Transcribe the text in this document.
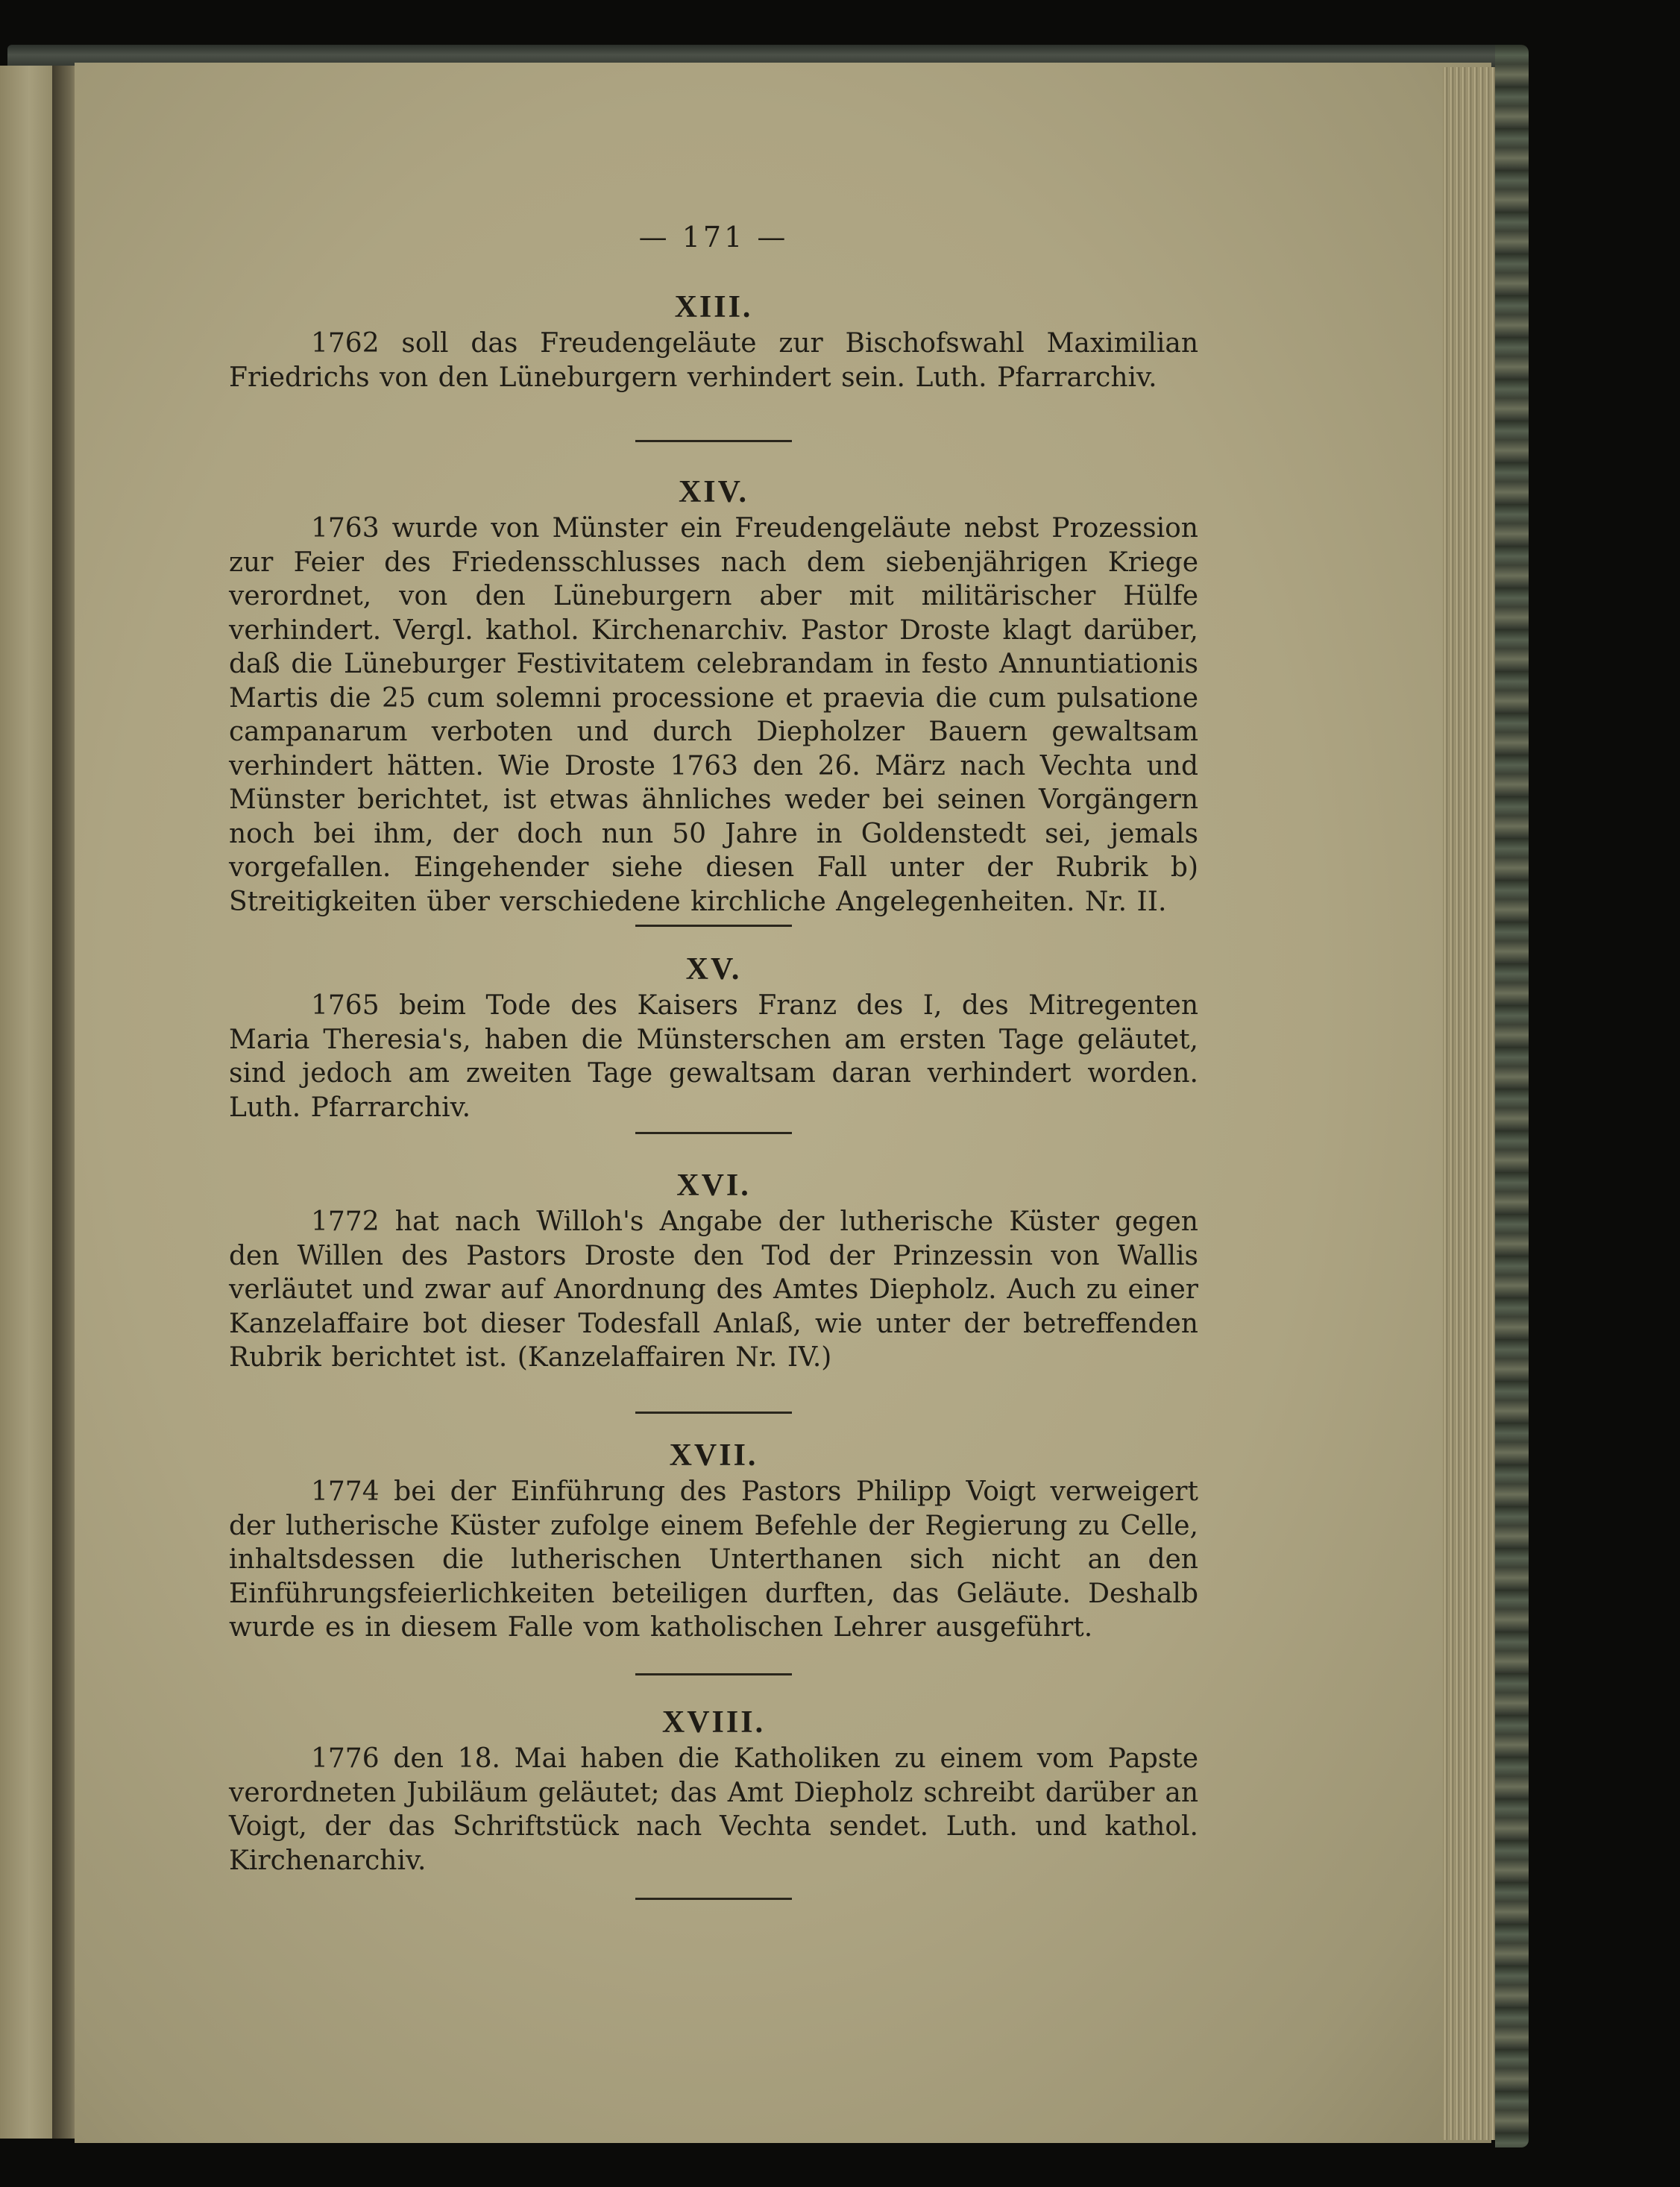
— 171 —
XIII.

1762 soll das Freudengeläute zur Bischofswahl Maximilian Friedrichs von den Lüneburgern verhindert sein. Luth. Pfarrarchiv.

XIV.

1763 wurde von Münster ein Freudengeläute nebst Prozession zur Feier des Friedensschlusses nach dem siebenjährigen Kriege verordnet, von den Lüneburgern aber mit militärischer Hülfe verhindert. Vergl. kathol. Kirchenarchiv. Pastor Droste klagt darüber, daß die Lüneburger Festivitatem celebrandam in festo Annuntiationis Martis die 25 cum solemni processione et praevia die cum pulsatione campanarum verboten und durch Diepholzer Bauern gewaltsam verhindert hätten. Wie Droste 1763 den 26. März nach Vechta und Münster berichtet, ist etwas ähnliches weder bei seinen Vorgängern noch bei ihm, der doch nun 50 Jahre in Goldenstedt sei, jemals vorgefallen. Eingehender siehe diesen Fall unter der Rubrik b) Streitigkeiten über verschiedene kirchliche Angelegenheiten. Nr. II.

XV.

1765 beim Tode des Kaisers Franz des I, des Mitregenten Maria Theresia's, haben die Münsterschen am ersten Tage geläutet, sind jedoch am zweiten Tage gewaltsam daran verhindert worden. Luth. Pfarrarchiv.

XVI.

1772 hat nach Willoh's Angabe der lutherische Küster gegen den Willen des Pastors Droste den Tod der Prinzessin von Wallis verläutet und zwar auf Anordnung des Amtes Diepholz. Auch zu einer Kanzelaffaire bot dieser Todesfall Anlaß, wie unter der betreffenden Rubrik berichtet ist. (Kanzelaffairen Nr. IV.)

XVII.

1774 bei der Einführung des Pastors Philipp Voigt verweigert der lutherische Küster zufolge einem Befehle der Regierung zu Celle, inhaltsdessen die lutherischen Unterthanen sich nicht an den Einführungsfeierlichkeiten beteiligen durften, das Geläute. Deshalb wurde es in diesem Falle vom katholischen Lehrer ausgeführt.

XVIII.

1776 den 18. Mai haben die Katholiken zu einem vom Papste verordneten Jubiläum geläutet; das Amt Diepholz schreibt darüber an Voigt, der das Schriftstück nach Vechta sendet. Luth. und kathol. Kirchenarchiv.
